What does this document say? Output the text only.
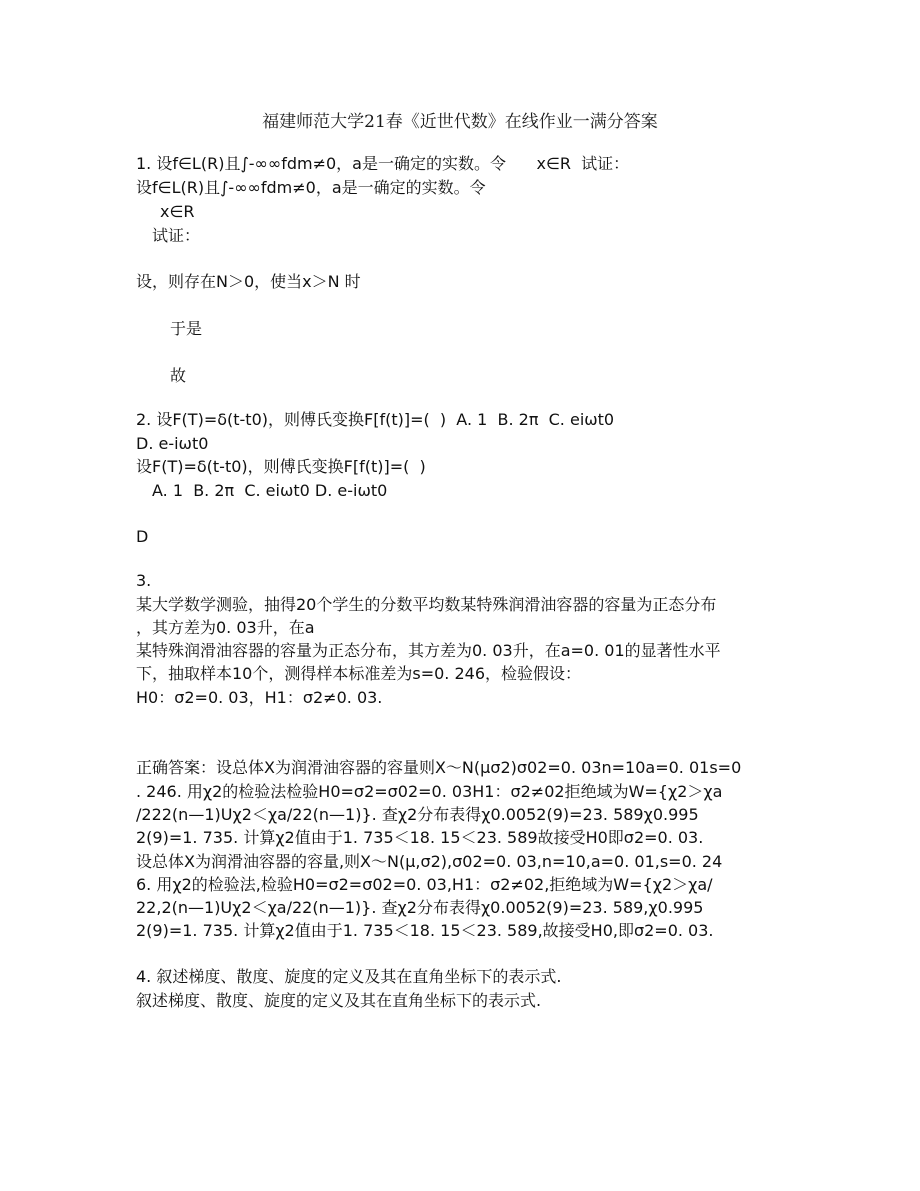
福建师范大学21春《近世代数》在线作业一满分答案
1. 设f∈L(R)且∫-∞∞fdm≠0，a是一确定的实数。令      x∈R  试证：
设f∈L(R)且∫-∞∞fdm≠0，a是一确定的实数。令
x∈R
试证：
设，则存在N＞0，使当x＞N 时
于是
故
2. 设F(T)=δ(t-t0)，则傅氏变换F[f(t)]=(  )  A. 1  B. 2π  C. eiωt0
D. e-iωt0
设F(T)=δ(t-t0)，则傅氏变换F[f(t)]=(  )
A. 1  B. 2π  C. eiωt0 D. e-iωt0
D
3.
某大学数学测验，抽得20个学生的分数平均数某特殊润滑油容器的容量为正态分布
，其方差为0. 03升，在a
某特殊润滑油容器的容量为正态分布，其方差为0. 03升，在a=0. 01的显著性水平
下，抽取样本10个，测得样本标准差为s=0. 246，检验假设：
H0：σ2=0. 03，H1：σ2≠0. 03.
正确答案：设总体X为润滑油容器的容量则X～N(μσ2)σ02=0. 03n=10a=0. 01s=0
. 246. 用χ2的检验法检验H0=σ2=σ02=0. 03H1：σ2≠02拒绝域为W={χ2＞χa
/222(n—1)Uχ2＜χa/22(n—1)}. 查χ2分布表得χ0.0052(9)=23. 589χ0.995
2(9)=1. 735. 计算χ2值由于1. 735＜18. 15＜23. 589故接受H0即σ2=0. 03.
设总体X为润滑油容器的容量,则X～N(μ,σ2),σ02=0. 03,n=10,a=0. 01,s=0. 24
6. 用χ2的检验法,检验H0=σ2=σ02=0. 03,H1：σ2≠02,拒绝域为W={χ2＞χa/
22,2(n—1)Uχ2＜χa/22(n—1)}. 查χ2分布表得χ0.0052(9)=23. 589,χ0.995
2(9)=1. 735. 计算χ2值由于1. 735＜18. 15＜23. 589,故接受H0,即σ2=0. 03.
4. 叙述梯度、散度、旋度的定义及其在直角坐标下的表示式.
叙述梯度、散度、旋度的定义及其在直角坐标下的表示式.
